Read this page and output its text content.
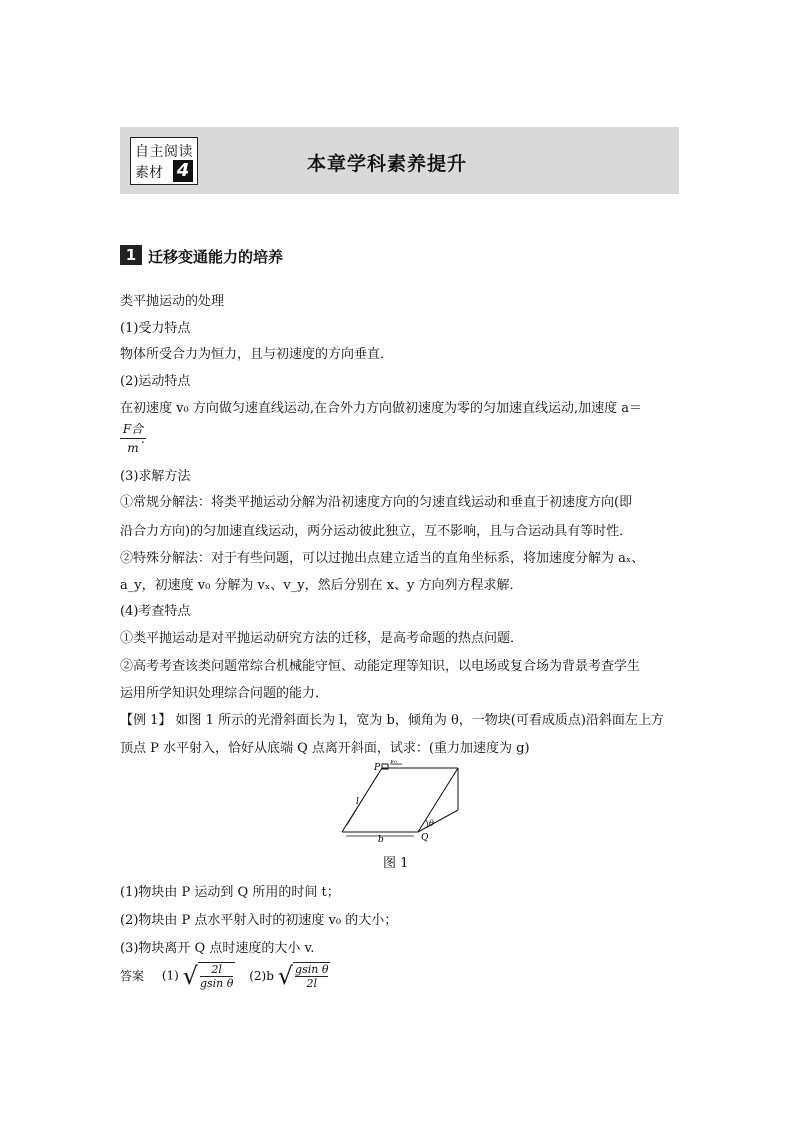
自主阅读
素材 4	本章学科素养提升
1 迁移变通能力的培养
类平抛运动的处理
(1)受力特点
物体所受合力为恒力，且与初速度的方向垂直．
(2)运动特点
在初速度 v₀ 方向做匀速直线运动,在合外力方向做初速度为零的匀加速直线运动,加速度 a＝
F合
m
.
(3)求解方法
①常规分解法：将类平抛运动分解为沿初速度方向的匀速直线运动和垂直于初速度方向(即
沿合力方向)的匀加速直线运动，两分运动彼此独立，互不影响，且与合运动具有等时性．
②特殊分解法：对于有些问题，可以过抛出点建立适当的直角坐标系，将加速度分解为 aₓ、
a_y，初速度 v₀ 分解为 vₓ、v_y，然后分别在 x、y 方向列方程求解．
(4)考查特点
①类平抛运动是对平抛运动研究方法的迁移，是高考命题的热点问题．
②高考考查该类问题常综合机械能守恒、动能定理等知识，以电场或复合场为背景考查学生
运用所学知识处理综合问题的能力．
【例 1】 如图 1 所示的光滑斜面长为 l，宽为 b，倾角为 θ，一物块(可看成质点)沿斜面左上方
顶点 P 水平射入，恰好从底端 Q 点离开斜面，试求：(重力加速度为 g)
P
v₀
l
b	Q
θ
图 1
(1)物块由 P 运动到 Q 所用的时间 t；
(2)物块由 P 点水平射入时的初速度 v₀ 的大小；
(3)物块离开 Q 点时速度的大小 v.
答案 (1) √ $\frac{2l}{\text{gsin θ}} (2)b$ √ $\frac{\text{gsin θ}}{2l}$
